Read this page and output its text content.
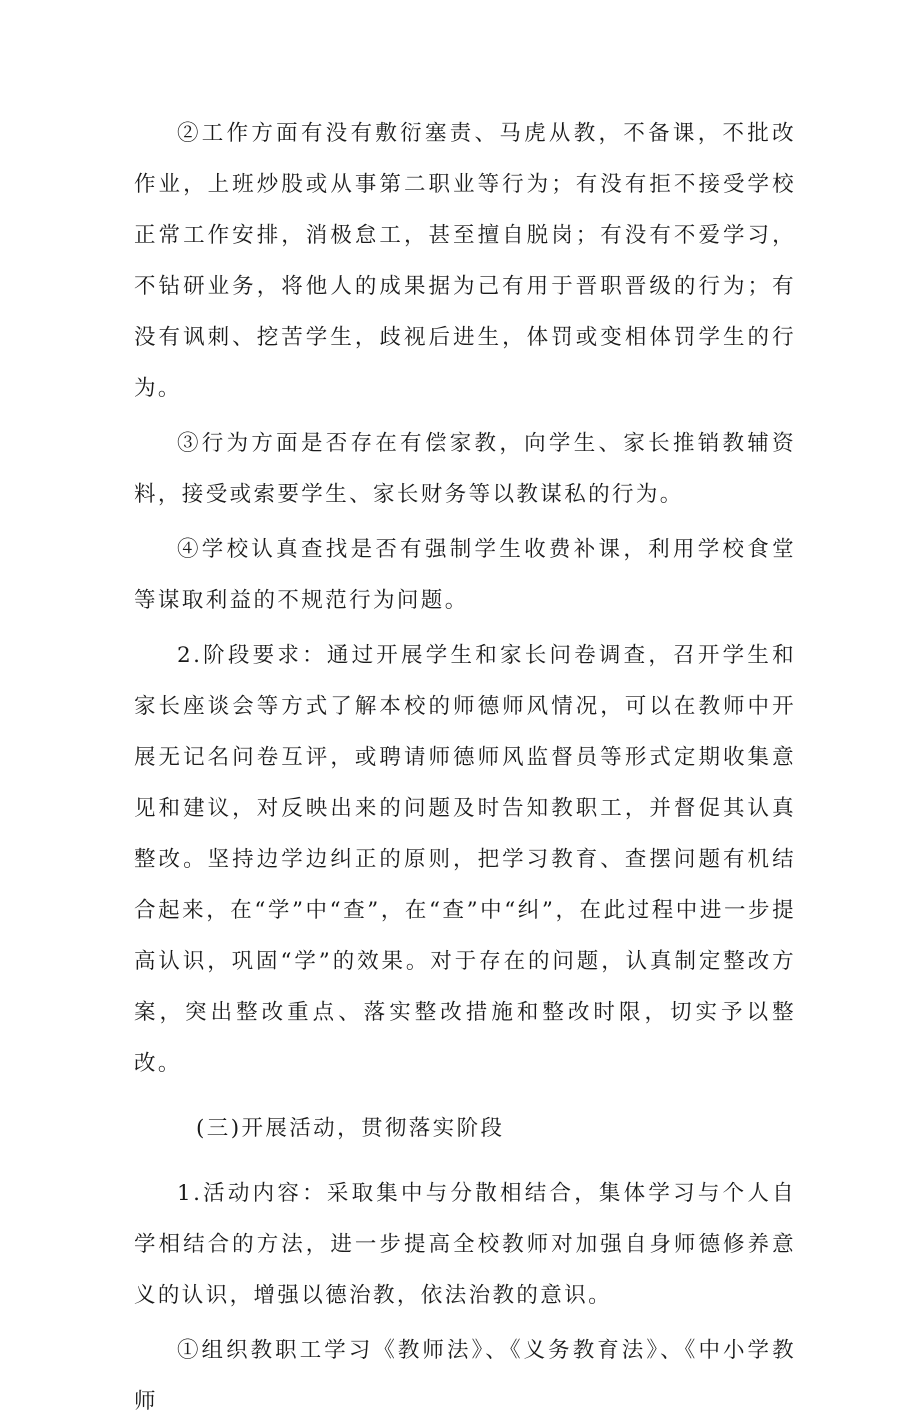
②工作方面有没有敷衍塞责、马虎从教，不备课，不批改作业，上班炒股或从事第二职业等行为；有没有拒不接受学校正常工作安排，消极怠工，甚至擅自脱岗；有没有不爱学习，不钻研业务，将他人的成果据为己有用于晋职晋级的行为；有没有讽刺、挖苦学生，歧视后进生，体罚或变相体罚学生的行为。

③行为方面是否存在有偿家教，向学生、家长推销教辅资料，接受或索要学生、家长财务等以教谋私的行为。

④学校认真查找是否有强制学生收费补课，利用学校食堂等谋取利益的不规范行为问题。

2.阶段要求：通过开展学生和家长问卷调查，召开学生和家长座谈会等方式了解本校的师德师风情况，可以在教师中开展无记名问卷互评，或聘请师德师风监督员等形式定期收集意见和建议，对反映出来的问题及时告知教职工，并督促其认真整改。坚持边学边纠正的原则，把学习教育、查摆问题有机结合起来，在“学”中“查”，在“查”中“纠”，在此过程中进一步提高认识，巩固“学”的效果。对于存在的问题，认真制定整改方案，突出整改重点、落实整改措施和整改时限，切实予以整改。

(三)开展活动，贯彻落实阶段

1.活动内容：采取集中与分散相结合，集体学习与个人自学相结合的方法，进一步提高全校教师对加强自身师德修养意义的认识，增强以德治教，依法治教的意识。

①组织教职工学习《教师法》、《义务教育法》、《中小学教师
